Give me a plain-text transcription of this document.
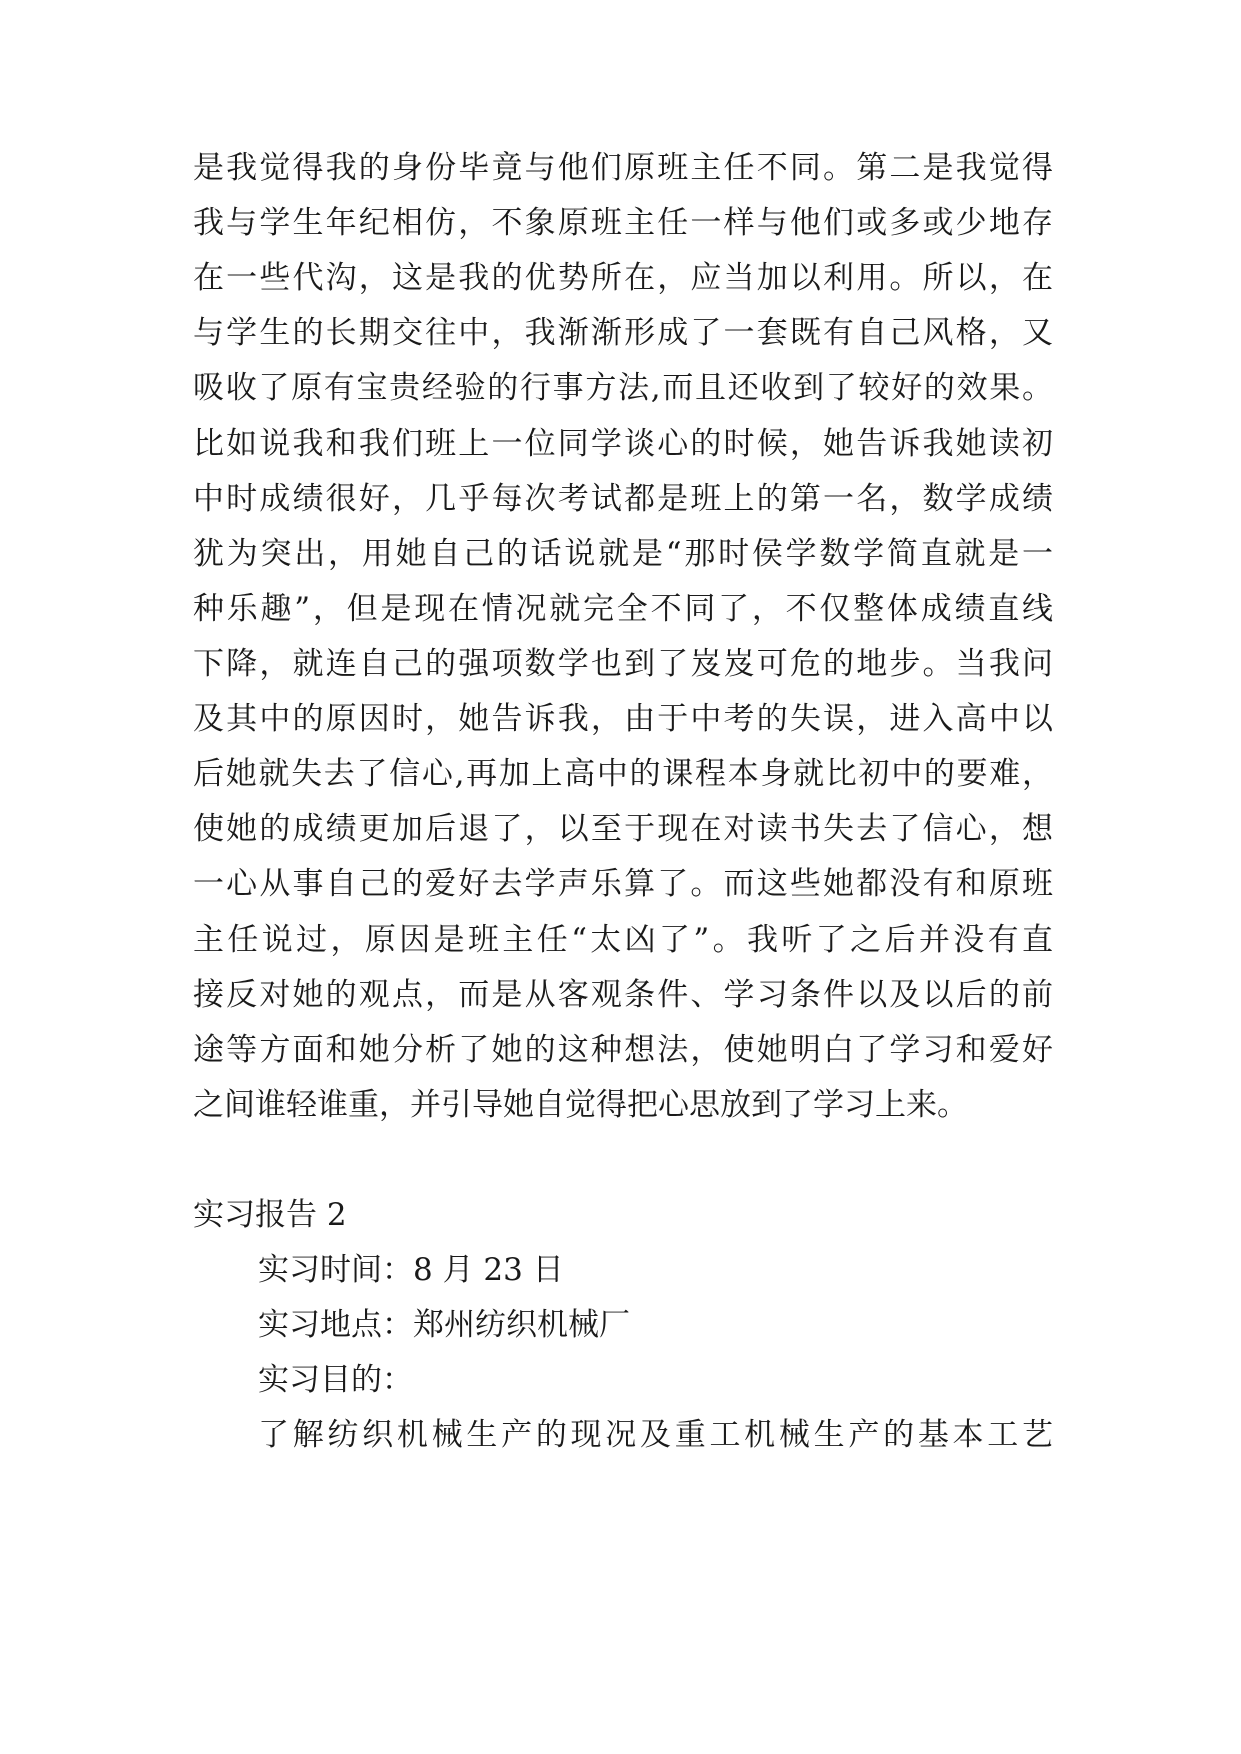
是我觉得我的身份毕竟与他们原班主任不同。第二是我觉得
我与学生年纪相仿，不象原班主任一样与他们或多或少地存
在一些代沟，这是我的优势所在，应当加以利用。所以，在
与学生的长期交往中，我渐渐形成了一套既有自己风格，又
吸收了原有宝贵经验的行事方法,而且还收到了较好的效果。
比如说我和我们班上一位同学谈心的时候，她告诉我她读初
中时成绩很好，几乎每次考试都是班上的第一名，数学成绩
犹为突出，用她自己的话说就是“那时侯学数学简直就是一
种乐趣”，但是现在情况就完全不同了，不仅整体成绩直线
下降，就连自己的强项数学也到了岌岌可危的地步。当我问
及其中的原因时，她告诉我，由于中考的失误，进入高中以
后她就失去了信心,再加上高中的课程本身就比初中的要难，
使她的成绩更加后退了，以至于现在对读书失去了信心，想
一心从事自己的爱好去学声乐算了。而这些她都没有和原班
主任说过，原因是班主任“太凶了”。我听了之后并没有直
接反对她的观点，而是从客观条件、学习条件以及以后的前
途等方面和她分析了她的这种想法，使她明白了学习和爱好
之间谁轻谁重，并引导她自觉得把心思放到了学习上来。
实习报告 2
实习时间：8 月 23 日
实习地点：郑州纺织机械厂
实习目的：
了解纺织机械生产的现况及重工机械生产的基本工艺
